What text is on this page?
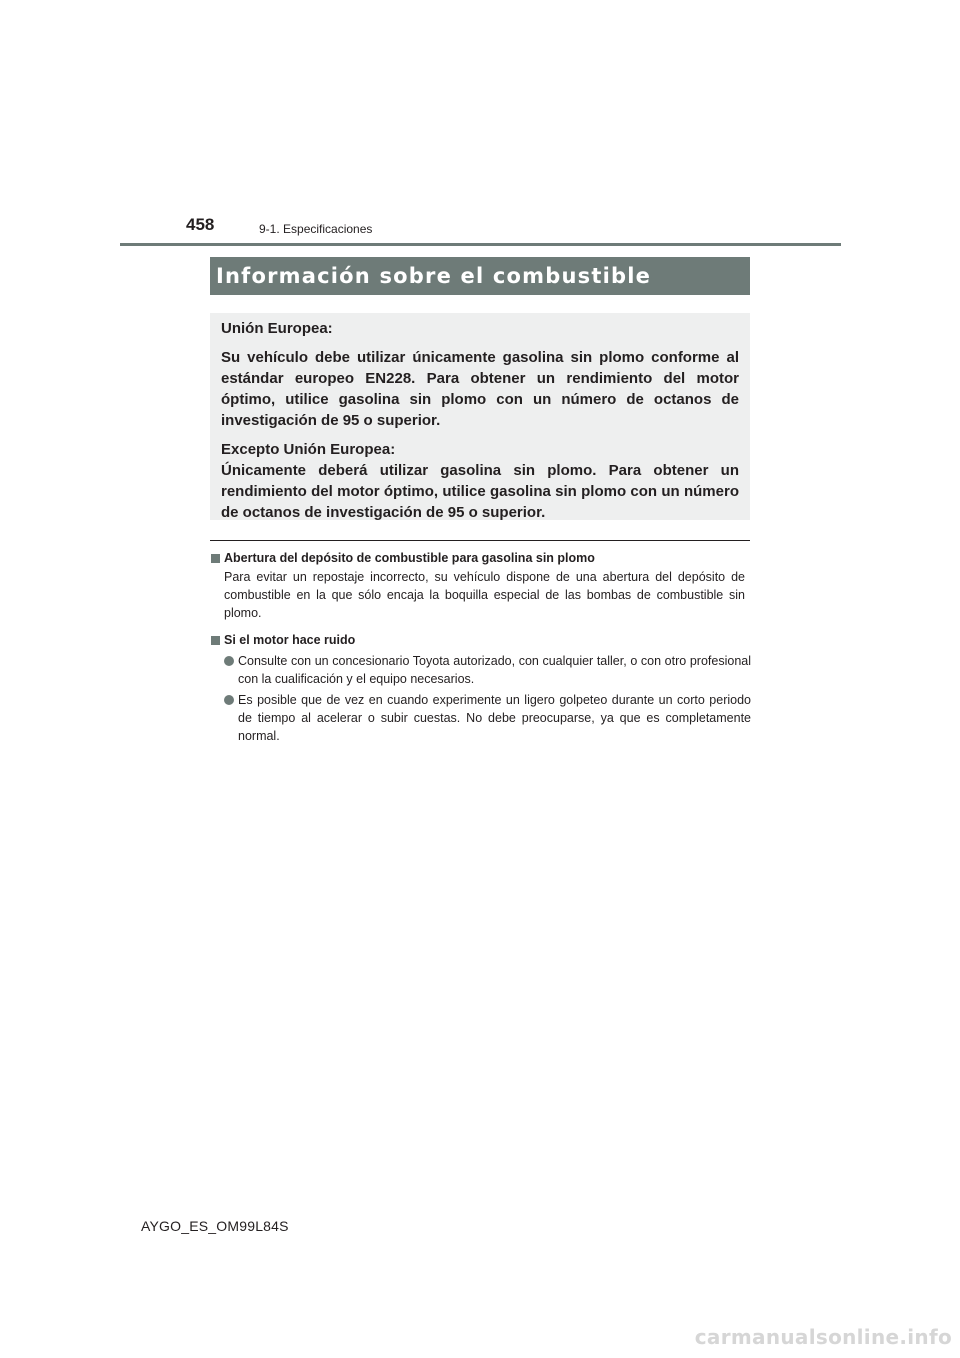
458	9-1. Especificaciones
Información sobre el combustible
Unión Europea:
Su vehículo debe utilizar únicamente gasolina sin plomo conforme al estándar europeo EN228. Para obtener un rendimiento del motor óptimo, utilice gasolina sin plomo con un número de octanos de investigación de 95 o superior.
Excepto Unión Europea:
Únicamente deberá utilizar gasolina sin plomo. Para obtener un rendimiento del motor óptimo, utilice gasolina sin plomo con un número de octanos de investigación de 95 o superior.
Abertura del depósito de combustible para gasolina sin plomo
Para evitar un repostaje incorrecto, su vehículo dispone de una abertura del depósito de combustible en la que sólo encaja la boquilla especial de las bombas de combustible sin plomo.
Si el motor hace ruido
Consulte con un concesionario Toyota autorizado, con cualquier taller, o con otro profesional con la cualificación y el equipo necesarios.
Es posible que de vez en cuando experimente un ligero golpeteo durante un corto periodo de tiempo al acelerar o subir cuestas. No debe preocuparse, ya que es completamente normal.
AYGO_ES_OM99L84S
carmanualsonline.info
